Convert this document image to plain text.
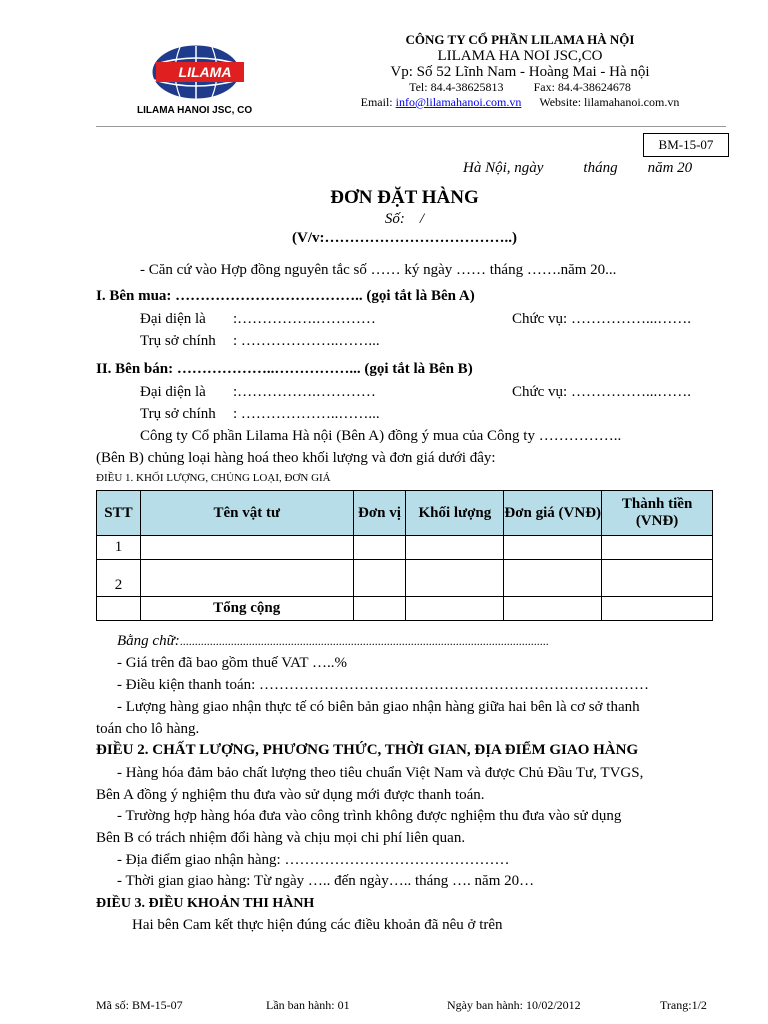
LILAMA
LILAMA HANOI JSC, CO
CÔNG TY CỔ PHẦN LILAMA HÀ NỘI
LILAMA HA NOI JSC,CO
Vp: Số 52 Lĩnh Nam - Hoàng Mai - Hà nội
Tel: 84.4-38625813	Fax: 84.4-38624678
Email: info@lilamahanoi.com.vn Website: lilamahanoi.com.vn
BM-15-07
Hà Nội, ngày	tháng năm 20
ĐƠN ĐẶT HÀNG
Số:    /
(V/v:………………………………..)
- Căn cứ vào Hợp đồng nguyên tắc số …… ký ngày …… tháng …….năm 20...
I. Bên mua: ……………………………….. (gọi tắt là Bên A)
Đại diện là :…………….…………	Chức vụ: ……………...…….
Trụ sở chính : ………………..……...
II. Bên bán: ………………..……………... (gọi tắt là Bên B)
Đại diện là :…………….…………	Chức vụ: ……………...…….
Trụ sở chính : ………………..……...
Công ty Cổ phần Lilama Hà nội (Bên A) đồng ý mua của Công ty ……………..
(Bên B) chủng loại hàng hoá theo khối lượng và đơn giá dưới đây:
ĐIỀU 1. KHỐI LƯỢNG, CHỦNG LOẠI, ĐƠN GIÁ
STT	Tên vật tư	Đơn vị	Khối lượng	Đơn giá (VNĐ)	Thành tiền (VNĐ)
1					
2					
	Tổng cộng				
Bằng chữ:...........................................................................................................................
- Giá trên đã bao gồm thuế VAT …..%
- Điều kiện thanh toán: ……………………………………………………………………
- Lượng hàng giao nhận thực tế có biên bản giao nhận hàng giữa hai bên là cơ sở thanh
toán cho lô hàng.
ĐIỀU 2. CHẤT LƯỢNG, PHƯƠNG THỨC, THỜI GIAN, ĐỊA ĐIỂM GIAO HÀNG
- Hàng hóa đảm bảo chất lượng theo tiêu chuẩn Việt Nam và được Chủ Đầu Tư, TVGS,
Bên A đồng ý nghiệm thu đưa vào sử dụng mới được thanh toán.
- Trường hợp hàng hóa đưa vào công trình không được nghiệm thu đưa vào sử dụng
Bên B có trách nhiệm đổi hàng và chịu mọi chi phí liên quan.
- Địa điểm giao nhận hàng: ………………………………………
- Thời gian giao hàng: Từ ngày ….. đến ngày….. tháng …. năm 20…
ĐIỀU 3. ĐIỀU KHOẢN THI HÀNH
Hai bên Cam kết thực hiện đúng các điều khoản đã nêu ở trên
Mã số: BM-15-07	Lần ban hành: 01	Ngày ban hành: 10/02/2012	Trang:1/2
